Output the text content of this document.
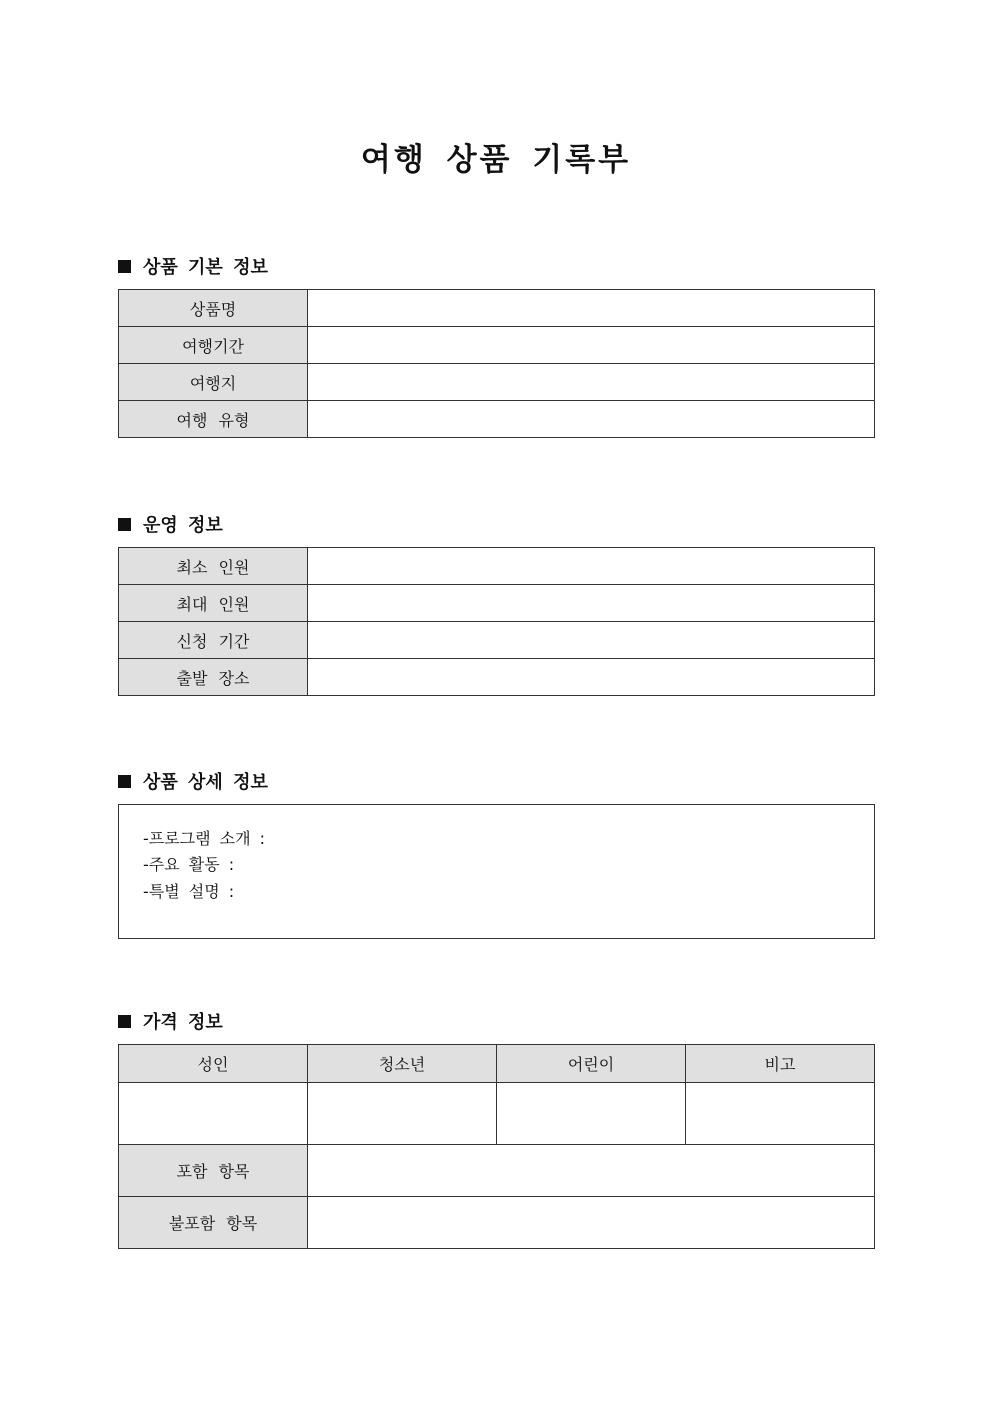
여행 상품 기록부
상품 기본 정보
상품명	
여행기간	
여행지	
여행 유형	
운영 정보
최소 인원	
최대 인원	
신청 기간	
출발 장소	
상품 상세 정보
-프로그램 소개 :
-주요 활동 :
-특별 설명 :
가격 정보
성인	청소년	어린이	비고

포함 항목			
불포함 항목			
